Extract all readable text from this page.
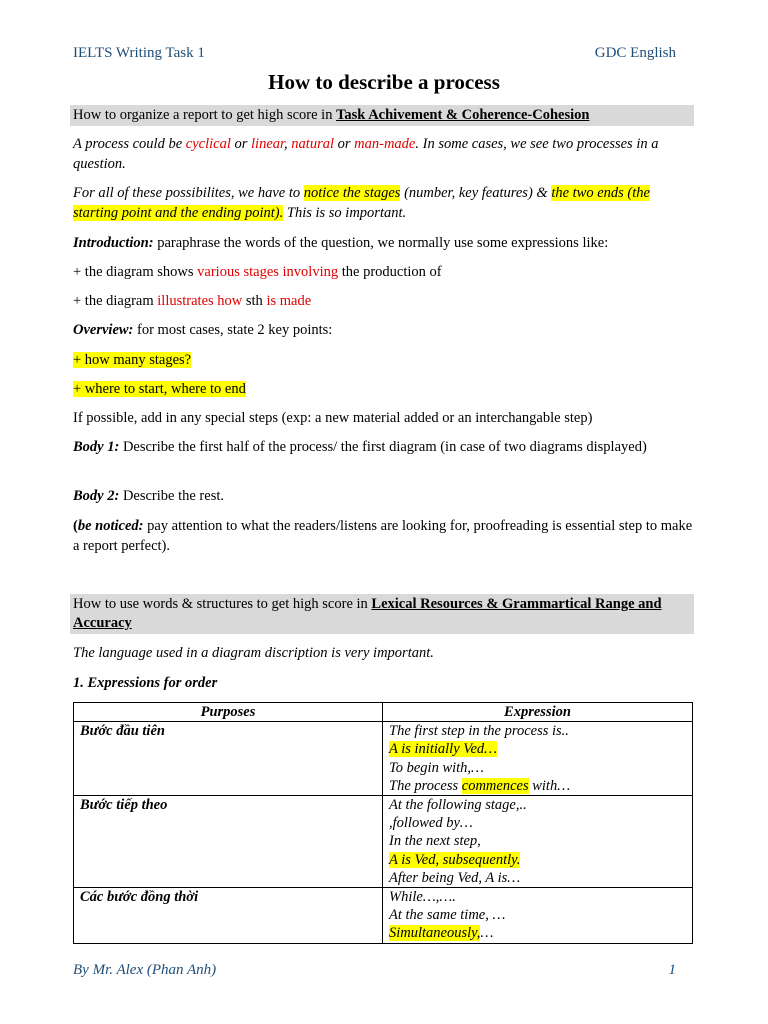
IELTS Writing Task 1	GDC English
How to describe a process
How to organize a report to get high score in Task Achivement & Coherence-Cohesion
A process could be cyclical or linear, natural or man-made. In some cases, we see two processes in a question.
For all of these possibilites, we have to notice the stages (number, key features) & the two ends (the starting point and the ending point). This is so important.
Introduction: paraphrase the words of the question, we normally use some expressions like:
+ the diagram shows various stages involving the production of
+ the diagram illustrates how sth is made
Overview: for most cases, state 2 key points:
+ how many stages?
+ where to start, where to end
If possible, add in any special steps (exp: a new material added or an interchangable step)
Body 1: Describe the first half of the process/ the first diagram (in case of two diagrams displayed)
Body 2: Describe the rest.
(be noticed: pay attention to what the readers/listens are looking for, proofreading is essential step to make a report perfect).
How to use words & structures to get high score in Lexical Resources & Grammartical Range and Accuracy
The language used in a diagram discription is very important.
1. Expressions for order
Purposes	Expression
Bước đầu tiên	The first step in the process is..
A is initially Ved…
To begin with,…
The process commences with…

Bước tiếp theo	At the following stage,..
,followed by…
In the next step,
A is Ved, subsequently.
After being Ved, A is…

Các bước đồng thời	While…,….
At the same time, …
Simultaneously,…
By Mr. Alex (Phan Anh)	1
